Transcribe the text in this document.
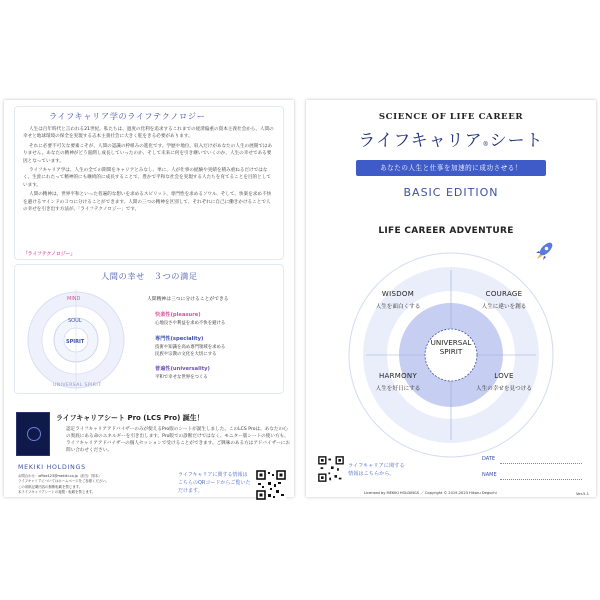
ライフキャリア学のライフテクノロジー

人生は百年時代と言われる21世紀。私たちは、過度の営利を追求するこれまでの経済偏重の資本主義社会から、人間の幸せと地球環境の保全を実現する志本主義社会に大きく舵をきる必要があります。

それに必要不可欠な要素こそが、人間の認識の枠組みの進化です。学歴や地位、収入だけがあなたの人生の展開ではありません。あなたの精神がどう滋潤し成長していったのか、そして未来に何を引き継いでいくのか、人生の幸せである要因となっています。

ライフキャリア学は、人生の全ての期間をキャリアとみなし、単に、人が仕事の経験や実績を積み重ねるだけではなく、生涯にわたって精神的にも継続的に成長することで、豊かで平和な社会を実現する人たちを育てることを目的としています。

人間の精神は、世界平和といった普遍的な想いを求めるスピリット、専門性を求めるソウル、そして、快楽を求め不快を避けるマインドの３つに分けることができます。人間の三つの精神を区別して、それぞれに自己に働きかけることで人の幸せを引き出す方法が、「ライフテクノロジー」です。

「ライフテクノロジー」
人間の幸せ　３つの満足
MIND
SOUL
SPIRIT
UNIVERSAL SPIRIT
人間精神は三つに分けることができる
快楽性(pleasure)
心地良さや利益を求め不快を避ける
専門性(speciality)
技術や知識を高め専門領域を求める
民族や宗教の文化を大切にする
普遍性(universality)
平和で幸せな世界をつくる
ライフキャリアシート Pro (LCS Pro) 誕生！
認定ライフキャリアアドバイザーのみが使えるPro版のシートが誕生しました。このLCS Proは、あなたの心の奥底にある命のエネルギーを引き出します。Pro版での診断だけではなく、モニター版シートの使い方も、ライフキャリアアドバイザーの個人セッションで受けることができます。ご興味のある方はアドバイザーにお問い合わせください。
MEKIKI HOLDINGS
お問合わせ：office123@mekiki.co.jp（担当：岡本）
ライフキャリアについてはホームページをご参照ください。
この用紙記載内容の無断転載を禁じます。
本ライフキャリアシートの複製・転載を禁じます。
ライフキャリアに関する情報はこちらのQRコードからご覧いただけます。
SCIENCE OF LIFE CAREER
ライフキャリア®シート
あなたの人生と仕事を加速的に成功させる！
BASIC EDITION
LIFE CAREER ADVENTURE
WISDOM
人生を面白くする
COURAGE
人生に違いを創る
HARMONY
人生を好日にする
LOVE
人生の幸せを見つける
UNIVERSAL
SPIRIT
ライフキャリアに関する
情報はこちらから。
DATE
NAME
Licensed by MEKIKI HOLDINGS ／ Copyright © 2019-2023 Hikaru Deguchi	Ver.5.1
